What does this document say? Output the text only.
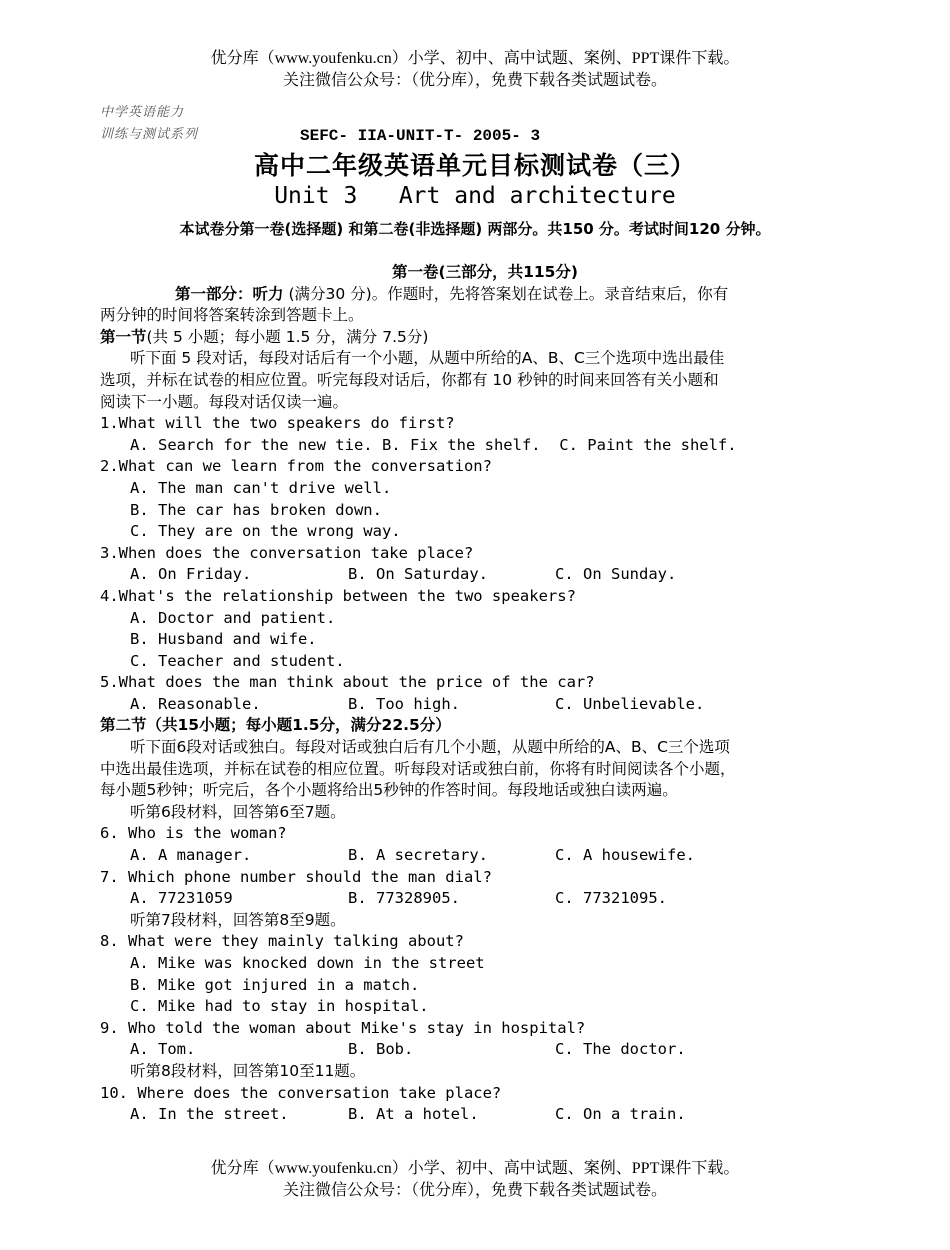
优分库（www.youfenku.cn）小学、初中、高中试题、案例、PPT课件下载。
关注微信公众号：（优分库），免费下载各类试题试卷。
中学英语能力
训练与测试系列	SEFC- IIA-UNIT-T- 2005- 3
高中二年级英语单元目标测试卷（三）
Unit 3   Art and architecture
本试卷分第一卷(选择题) 和第二卷(非选择题) 两部分。共150 分。考试时间120 分钟。
第一卷(三部分，共115分)
第一部分：听力 (满分30 分)。作题时，先将答案划在试卷上。录音结束后，你有
两分钟的时间将答案转涂到答题卡上。
第一节(共 5 小题；每小题 1.5 分，满分 7.5分)
听下面 5 段对话，每段对话后有一个小题，从题中所给的A、B、C三个选项中选出最佳
选项，并标在试卷的相应位置。听完每段对话后，你都有 10 秒钟的时间来回答有关小题和
阅读下一小题。每段对话仅读一遍。
1.What will the two speakers do first?
A. Search for the new tie. B. Fix the shelf. C. Paint the shelf.
2.What can we learn from the conversation?
A. The man can't drive well.
B. The car has broken down.
C. They are on the wrong way.
3.When does the conversation take place?
A. On Friday.	B. On Saturday.	C. On Sunday.
4.What's the relationship between the two speakers?
A. Doctor and patient.
B. Husband and wife.
C. Teacher and student.
5.What does the man think about the price of the car?
A. Reasonable.	B. Too high.	C. Unbelievable.
第二节（共15小题；每小题1.5分，满分22.5分）
听下面6段对话或独白。每段对话或独白后有几个小题，从题中所给的A、B、C三个选项
中选出最佳选项，并标在试卷的相应位置。听每段对话或独白前，你将有时间阅读各个小题，
每小题5秒钟；听完后，各个小题将给出5秒钟的作答时间。每段地话或独白读两遍。
听第6段材料，回答第6至7题。
6. Who is the woman?
A. A manager.	B. A secretary.	C. A housewife.
7. Which phone number should the man dial?
A. 77231059	B. 77328905.	C. 77321095.
听第7段材料，回答第8至9题。
8. What were they mainly talking about?
A. Mike was knocked down in the street
B. Mike got injured in a match.
C. Mike had to stay in hospital.
9. Who told the woman about Mike's stay in hospital?
A. Tom.	B. Bob.	C. The doctor.
听第8段材料，回答第10至11题。
10. Where does the conversation take place?
A. In the street.	B. At a hotel.	C. On a train.
优分库（www.youfenku.cn）小学、初中、高中试题、案例、PPT课件下载。
关注微信公众号：（优分库），免费下载各类试题试卷。
